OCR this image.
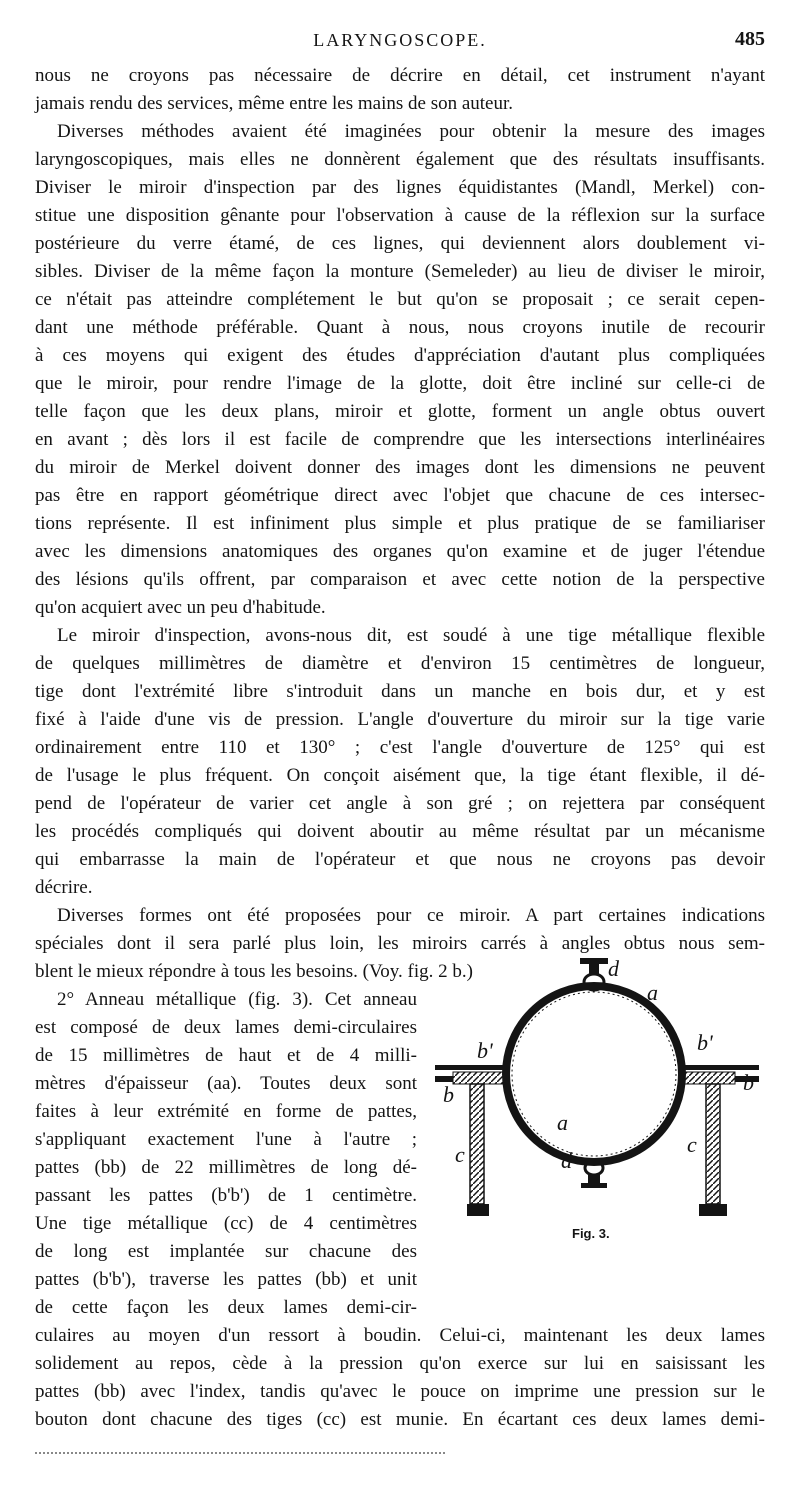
LARYNGOSCOPE.	485
nous ne croyons pas nécessaire de décrire en détail, cet instrument n'ayant
jamais rendu des services, même entre les mains de son auteur.
Diverses méthodes avaient été imaginées pour obtenir la mesure des images
laryngoscopiques, mais elles ne donnèrent également que des résultats insuffisants.
Diviser le miroir d'inspection par des lignes équidistantes (Mandl, Merkel) con-
stitue une disposition gênante pour l'observation à cause de la réflexion sur la surface
postérieure du verre étamé, de ces lignes, qui deviennent alors doublement vi-
sibles. Diviser de la même façon la monture (Semeleder) au lieu de diviser le miroir,
ce n'était pas atteindre complétement le but qu'on se proposait ; ce serait cepen-
dant une méthode préférable. Quant à nous, nous croyons inutile de recourir
à ces moyens qui exigent des études d'appréciation d'autant plus compliquées
que le miroir, pour rendre l'image de la glotte, doit être incliné sur celle-ci de
telle façon que les deux plans, miroir et glotte, forment un angle obtus ouvert
en avant ; dès lors il est facile de comprendre que les intersections interlinéaires
du miroir de Merkel doivent donner des images dont les dimensions ne peuvent
pas être en rapport géométrique direct avec l'objet que chacune de ces intersec-
tions représente. Il est infiniment plus simple et plus pratique de se familiariser
avec les dimensions anatomiques des organes qu'on examine et de juger l'étendue
des lésions qu'ils offrent, par comparaison et avec cette notion de la perspective
qu'on acquiert avec un peu d'habitude.
Le miroir d'inspection, avons-nous dit, est soudé à une tige métallique flexible
de quelques millimètres de diamètre et d'environ 15 centimètres de longueur,
tige dont l'extrémité libre s'introduit dans un manche en bois dur, et y est
fixé à l'aide d'une vis de pression. L'angle d'ouverture du miroir sur la tige varie
ordinairement entre 110 et 130° ; c'est l'angle d'ouverture de 125° qui est
de l'usage le plus fréquent. On conçoit aisément que, la tige étant flexible, il dé-
pend de l'opérateur de varier cet angle à son gré ; on rejettera par conséquent
les procédés compliqués qui doivent aboutir au même résultat par un mécanisme
qui embarrasse la main de l'opérateur et que nous ne croyons pas devoir
décrire.
Diverses formes ont été proposées pour ce miroir. A part certaines indications
spéciales dont il sera parlé plus loin, les miroirs carrés à angles obtus nous sem-
blent le mieux répondre à tous les besoins. (Voy. fig. 2 b.)
2° Anneau métallique (fig. 3). Cet anneau
est composé de deux lames demi-circulaires
de 15 millimètres de haut et de 4 milli-
mètres d'épaisseur (aa). Toutes deux sont
faites à leur extrémité en forme de pattes,
s'appliquant exactement l'une à l'autre ;
pattes (bb) de 22 millimètres de long dé-
passant les pattes (b'b') de 1 centimètre.
Une tige métallique (cc) de 4 centimètres
de long est implantée sur chacune des
pattes (b'b'), traverse les pattes (bb) et unit
de cette façon les deux lames demi-cir-
culaires au moyen d'un ressort à boudin. Celui-ci, maintenant les deux lames
solidement au repos, cède à la pression qu'on exerce sur lui en saisissant les
pattes (bb) avec l'index, tandis qu'avec le pouce on imprime une pression sur le
bouton dont chacune des tiges (cc) est munie. En écartant ces deux lames demi-
d
a
b'	b'
b	b
a
c	c
d
Fig. 3.
